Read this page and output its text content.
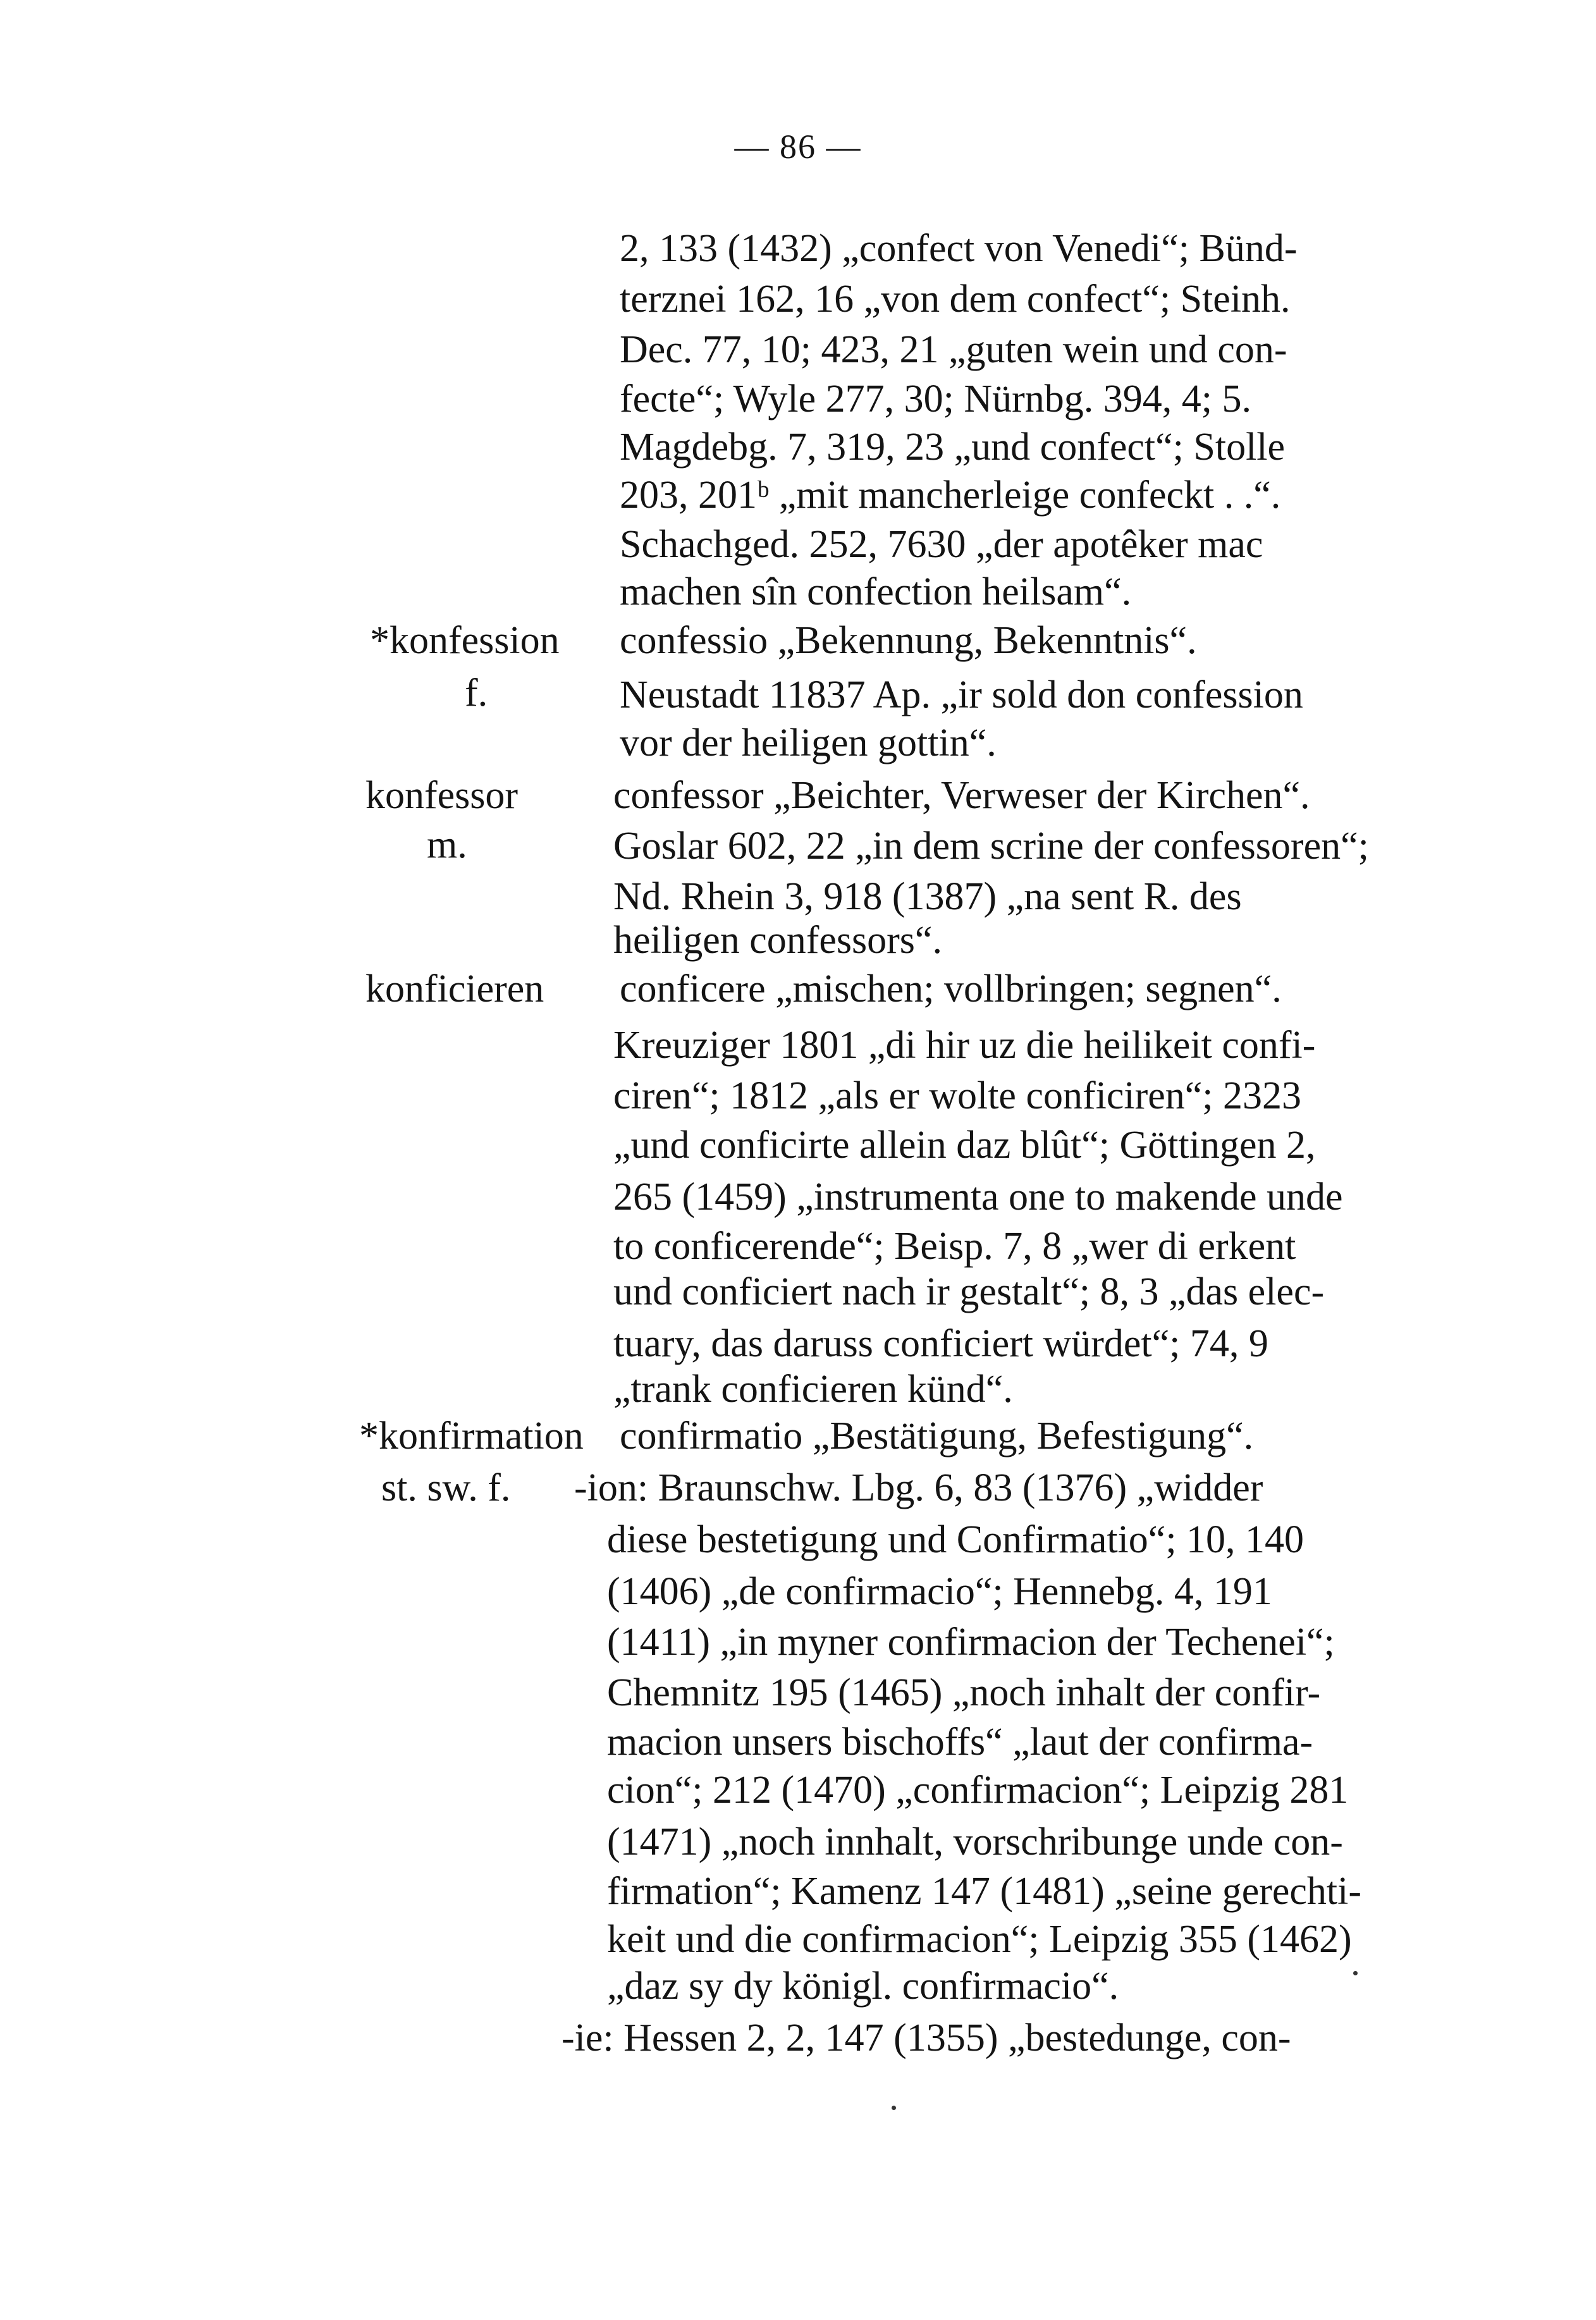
— 86 —
*konfession
f.
konfessor
m.
konficieren
*konfirmation
st. sw. f.
2, 133 (1432) „confect von Venedi“; Bünd-
terznei 162, 16 „von dem confect“; Steinh.
Dec. 77, 10; 423, 21 „guten wein und con-
fecte“; Wyle 277, 30; Nürnbg. 394, 4; 5.
Magdebg. 7, 319, 23 „und confect“; Stolle
203, 201ᵇ „mit mancherleige confeckt . .“.
Schachged. 252, 7630 „der apotêker mac
machen sîn confection heilsam“.
confessio „Bekennung, Bekenntnis“.
Neustadt 11837 Ap. „ir sold don confession
vor der heiligen gottin“.
confessor „Beichter, Verweser der Kirchen“.
Goslar 602, 22 „in dem scrine der confessoren“;
Nd. Rhein 3, 918 (1387) „na sent R. des
heiligen confessors“.
conficere „mischen; vollbringen; segnen“.
Kreuziger 1801 „di hir uz die heilikeit confi-
ciren“; 1812 „als er wolte conficiren“; 2323
„und conficirte allein daz blût“; Göttingen 2,
265 (1459) „instrumenta one to makende unde
to conficerende“; Beisp. 7, 8 „wer di erkent
und conficiert nach ir gestalt“; 8, 3 „das elec-
tuary, das daruss conficiert würdet“; 74, 9
„trank conficieren künd“.
confirmatio „Bestätigung, Befestigung“.
-ion: Braunschw. Lbg. 6, 83 (1376) „widder
diese bestetigung und Confirmatio“; 10, 140
(1406) „de confirmacio“; Hennebg. 4, 191
(1411) „in myner confirmacion der Techenei“;
Chemnitz 195 (1465) „noch inhalt der confir-
macion unsers bischoffs“ „laut der confirma-
cion“; 212 (1470) „confirmacion“; Leipzig 281
(1471) „noch innhalt, vorschribunge unde con-
firmation“; Kamenz 147 (1481) „seine gerechti-
keit und die confirmacion“; Leipzig 355 (1462)
„daz sy dy königl. confirmacio“.
-ie: Hessen 2, 2, 147 (1355) „bestedunge, con-
